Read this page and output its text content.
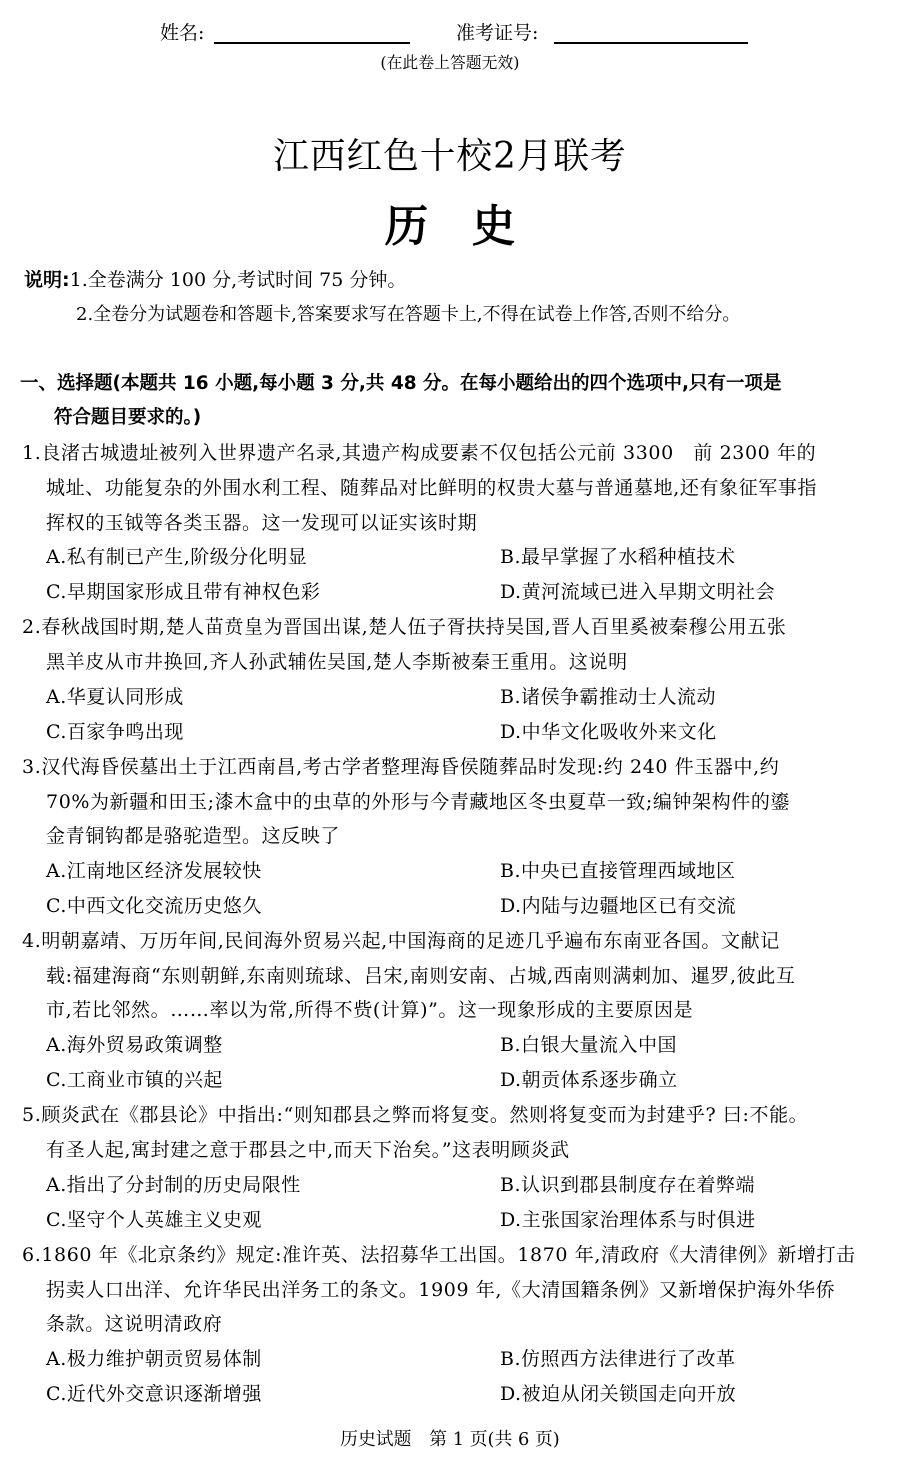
姓名:	准考证号:
(在此卷上答题无效)
江西红色十校2月联考
历　史
说明:1.全卷满分 100 分,考试时间 75 分钟。
2.全卷分为试题卷和答题卡,答案要求写在答题卡上,不得在试卷上作答,否则不给分。
一、选择题(本题共 16 小题,每小题 3 分,共 48 分。在每小题给出的四个选项中,只有一项是
符合题目要求的。)
1.良渚古城遗址被列入世界遗产名录,其遗产构成要素不仅包括公元前 3300　前 2300 年的
城址、功能复杂的外围水利工程、随葬品对比鲜明的权贵大墓与普通墓地,还有象征军事指
挥权的玉钺等各类玉器。这一发现可以证实该时期
A.私有制已产生,阶级分化明显	B.最早掌握了水稻种植技术
C.早期国家形成且带有神权色彩	D.黄河流域已进入早期文明社会
2.春秋战国时期,楚人苗贲皇为晋国出谋,楚人伍子胥扶持吴国,晋人百里奚被秦穆公用五张
黑羊皮从市井换回,齐人孙武辅佐吴国,楚人李斯被秦王重用。这说明
A.华夏认同形成	B.诸侯争霸推动士人流动
C.百家争鸣出现	D.中华文化吸收外来文化
3.汉代海昏侯墓出土于江西南昌,考古学者整理海昏侯随葬品时发现:约 240 件玉器中,约
70%为新疆和田玉;漆木盒中的虫草的外形与今青藏地区冬虫夏草一致;编钟架构件的鎏
金青铜钩都是骆驼造型。这反映了
A.江南地区经济发展较快	B.中央已直接管理西域地区
C.中西文化交流历史悠久	D.内陆与边疆地区已有交流
4.明朝嘉靖、万历年间,民间海外贸易兴起,中国海商的足迹几乎遍布东南亚各国。文献记
载:福建海商“东则朝鲜,东南则琉球、吕宋,南则安南、占城,西南则满剌加、暹罗,彼此互
市,若比邻然。……率以为常,所得不赀(计算)”。这一现象形成的主要原因是
A.海外贸易政策调整	B.白银大量流入中国
C.工商业市镇的兴起	D.朝贡体系逐步确立
5.顾炎武在《郡县论》中指出:“则知郡县之弊而将复变。然则将复变而为封建乎? 曰:不能。
有圣人起,寓封建之意于郡县之中,而天下治矣。”这表明顾炎武
A.指出了分封制的历史局限性	B.认识到郡县制度存在着弊端
C.坚守个人英雄主义史观	D.主张国家治理体系与时俱进
6.1860 年《北京条约》规定:准许英、法招募华工出国。1870 年,清政府《大清律例》新增打击
拐卖人口出洋、允许华民出洋务工的条文。1909 年,《大清国籍条例》又新增保护海外华侨
条款。这说明清政府
A.极力维护朝贡贸易体制	B.仿照西方法律进行了改革
C.近代外交意识逐渐增强	D.被迫从闭关锁国走向开放
历史试题　第 1 页(共 6 页)
